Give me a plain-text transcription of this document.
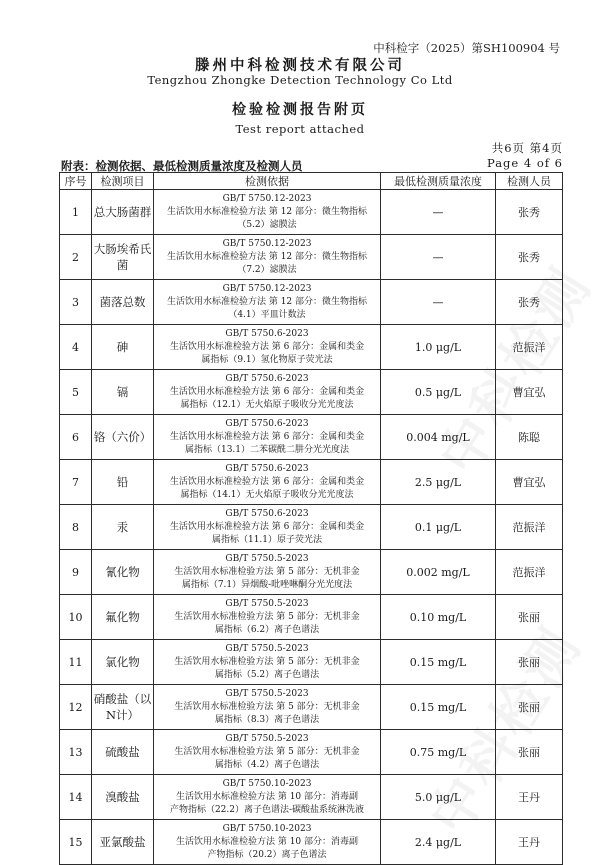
中科检字（2025）第SH100904 号
滕州中科检测技术有限公司
Tengzhou Zhongke Detection Technology Co Ltd
检验检测报告附页
Test report attached
共6页 第4页
Page 4 of 6
附表：检测依据、最低检测质量浓度及检测人员
序号	检测项目	检测依据	最低检测质量浓度	检测人员
1	总大肠菌群	GB/T 5750.12-2023
生活饮用水标准检验方法 第 12 部分：微生物指标
（5.2）滤膜法	—	张秀
2	大肠埃希氏菌	GB/T 5750.12-2023
生活饮用水标准检验方法 第 12 部分：微生物指标
（7.2）滤膜法	—	张秀
3	菌落总数	GB/T 5750.12-2023
生活饮用水标准检验方法 第 12 部分：微生物指标
（4.1）平皿计数法	—	张秀
4	砷	GB/T 5750.6-2023
生活饮用水标准检验方法 第 6 部分：金属和类金
属指标（9.1）氢化物原子荧光法	1.0 μg/L	范振洋
5	镉	GB/T 5750.6-2023
生活饮用水标准检验方法 第 6 部分：金属和类金
属指标（12.1）无火焰原子吸收分光光度法	0.5 μg/L	曹宜弘
6	铬（六价）	GB/T 5750.6-2023
生活饮用水标准检验方法 第 6 部分：金属和类金
属指标（13.1）二苯碳酰二肼分光光度法	0.004 mg/L	陈聪
7	铅	GB/T 5750.6-2023
生活饮用水标准检验方法 第 6 部分：金属和类金
属指标（14.1）无火焰原子吸收分光光度法	2.5 μg/L	曹宜弘
8	汞	GB/T 5750.6-2023
生活饮用水标准检验方法 第 6 部分：金属和类金
属指标（11.1）原子荧光法	0.1 μg/L	范振洋
9	氰化物	GB/T 5750.5-2023
生活饮用水标准检验方法 第 5 部分：无机非金
属指标（7.1）异烟酸-吡唑啉酮分光光度法	0.002 mg/L	范振洋
10	氟化物	GB/T 5750.5-2023
生活饮用水标准检验方法 第 5 部分：无机非金
属指标（6.2）离子色谱法	0.10 mg/L	张丽
11	氯化物	GB/T 5750.5-2023
生活饮用水标准检验方法 第 5 部分：无机非金
属指标（5.2）离子色谱法	0.15 mg/L	张丽
12	硝酸盐（以N计）	GB/T 5750.5-2023
生活饮用水标准检验方法 第 5 部分：无机非金
属指标（8.3）离子色谱法	0.15 mg/L	张丽
13	硫酸盐	GB/T 5750.5-2023
生活饮用水标准检验方法 第 5 部分：无机非金
属指标（4.2）离子色谱法	0.75 mg/L	张丽
14	溴酸盐	GB/T 5750.10-2023
生活饮用水标准检验方法 第 10 部分：消毒副
产物指标（22.2）离子色谱法-碳酸盐系统淋洗液	5.0 μg/L	王丹
15	亚氯酸盐	GB/T 5750.10-2023
生活饮用水标准检验方法 第 10 部分：消毒副
产物指标（20.2）离子色谱法	2.4 μg/L	王丹
